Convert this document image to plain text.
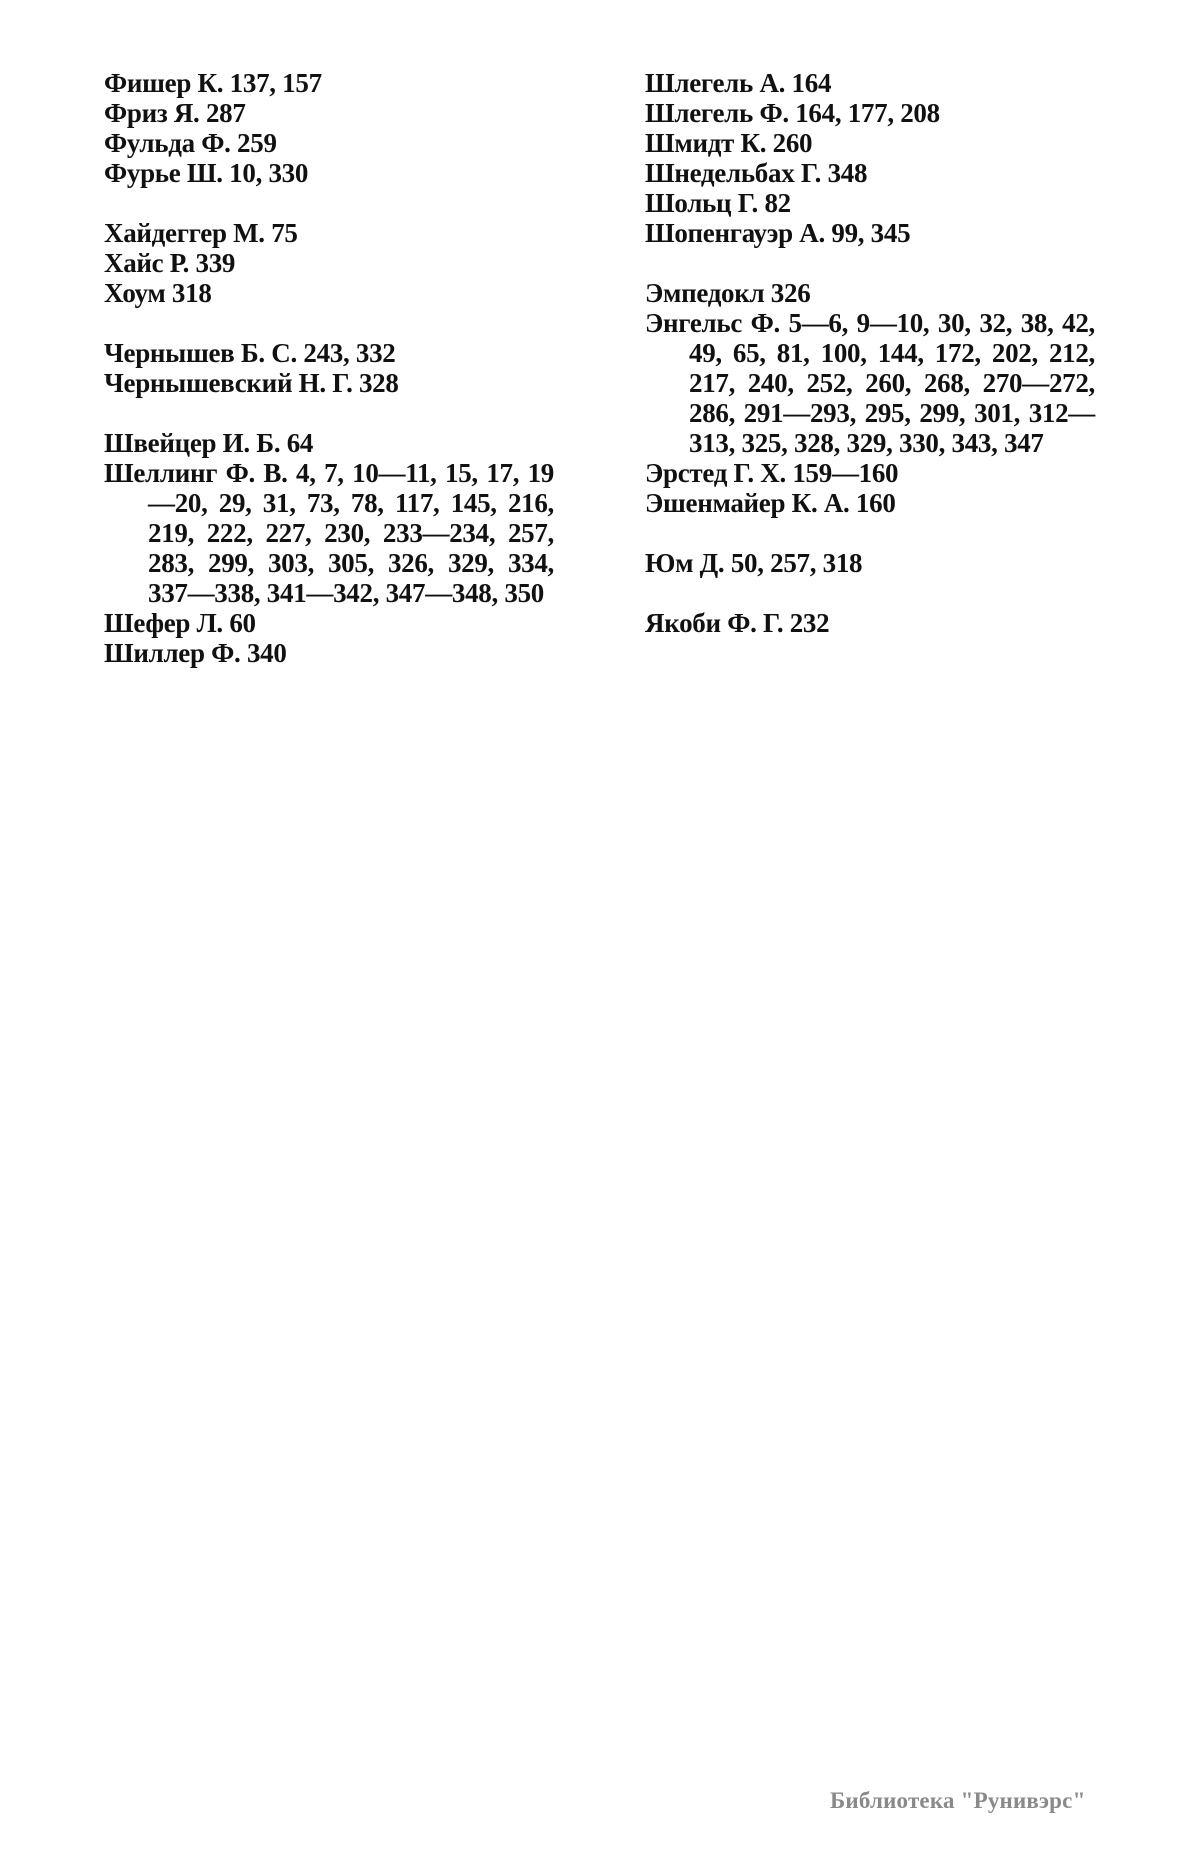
Фишер К. 137, 157
Фриз Я. 287
Фульда Ф. 259
Фурье Ш. 10, 330
Хайдеггер М. 75
Хайс Р. 339
Хоум 318
Чернышев Б. С. 243, 332
Чернышевский Н. Г. 328
Швейцер И. Б. 64
Шеллинг Ф. В. 4, 7, 10—11, 15, 17, 19—20, 29, 31, 73, 78, 117, 145, 216, 219, 222, 227, 230, 233—234, 257, 283, 299, 303, 305, 326, 329, 334, 337—338, 341—342, 347—348, 350
Шефер Л. 60
Шиллер Ф. 340
Шлегель А. 164
Шлегель Ф. 164, 177, 208
Шмидт К. 260
Шнедельбах Г. 348
Шольц Г. 82
Шопенгауэр А. 99, 345
Эмпедокл 326
Энгельс Ф. 5—6, 9—10, 30, 32, 38, 42, 49, 65, 81, 100, 144, 172, 202, 212, 217, 240, 252, 260, 268, 270—272, 286, 291—293, 295, 299, 301, 312—313, 325, 328, 329, 330, 343, 347
Эрстед Г. Х. 159—160
Эшенмайер К. А. 160
Юм Д. 50, 257, 318
Якоби Ф. Г. 232
Библиотека "Рунивэрс"
